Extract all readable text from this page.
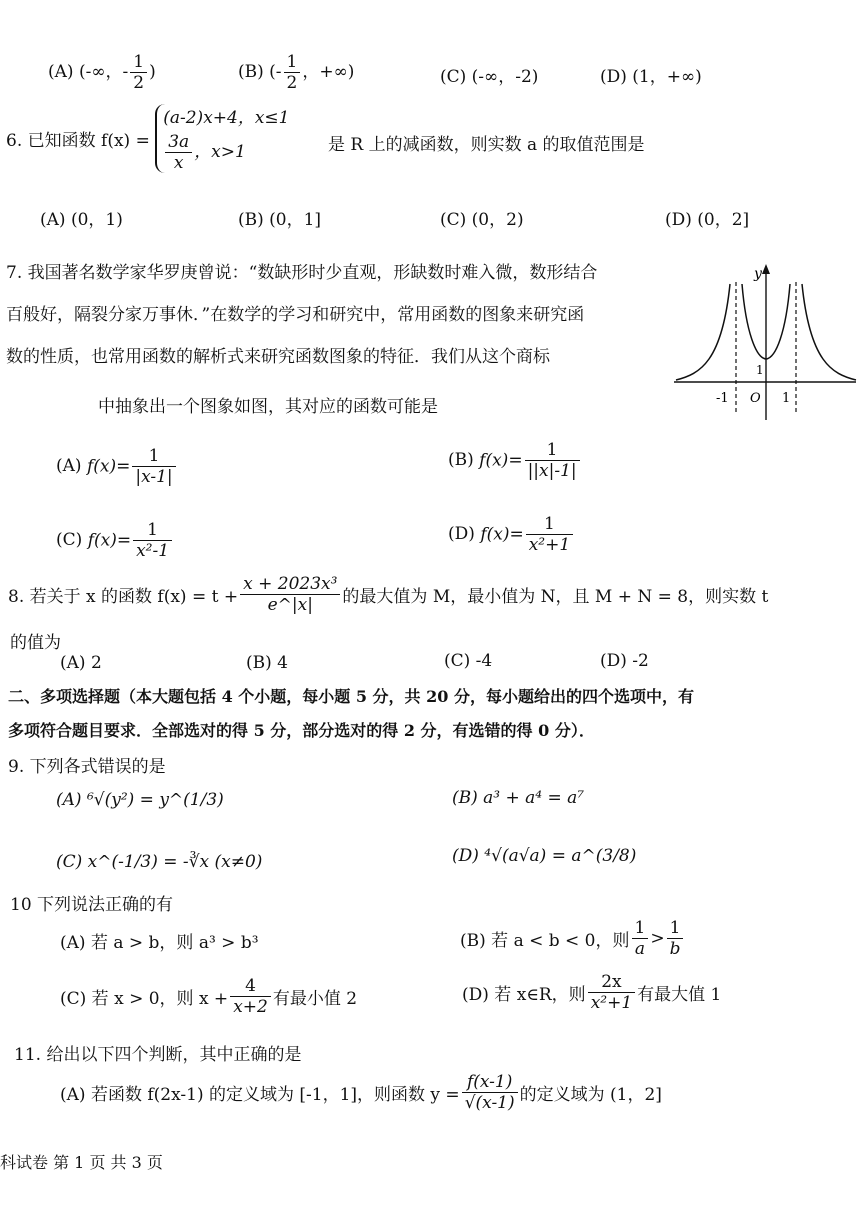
(A) (-∞，- $\frac{1}{2}$ )	(B) (- $\frac{1}{2}$ ，+∞)	(C) (-∞，-2)	(D) (1，+∞)
6. 已知函数 f(x) =
(a-2)x+4，x≤1
$\frac{3a}{x}$ ，x>1	是 R 上的减函数，则实数 a 的取值范围是
(A) (0，1)	(B) (0，1]	(C) (0，2)	(D) (0，2]
7. 我国著名数学家华罗庚曾说：“数缺形时少直观，形缺数时难入微，数形结合
百般好，隔裂分家万事休．”在数学的学习和研究中，常用函数的图象来研究函
数的性质，也常用函数的解析式来研究函数图象的特征．我们从这个商标
中抽象出一个图象如图，其对应的函数可能是
y
1
-1 O 1
(A) $f(x)= \frac{1}{|x-1|}$	(B) $f(x)= \frac{1}{||x|-1|}$
(C) $f(x)= \frac{1}{\text{x²-1}}$	(D) $f(x)= \frac{1}{\text{x²+1}}$
8. 若关于 x 的函数 $f(x) = t + \frac{\text{x + 2023x³}}{e\^{}|x|}$ 的最大值为 M，最小值为 N，且 M + N = 8，则实数 t
的值为
(A) 2	(B) 4	(C) -4	(D) -2
二、多项选择题（本大题包括 4 个小题，每小题 5 分，共 20 分，每小题给出的四个选项中，有
多项符合题目要求．全部选对的得 5 分，部分选对的得 2 分，有选错的得 0 分）．
9. 下列各式错误的是
(A) ⁶√(y²) = y^(1/3)	(B) a³ + a⁴ = a⁷
(C) x^(-1/3) = -∛x (x≠0)	(D) ⁴√(a√a) = a^(3/8)
10 下列说法正确的有
(A) 若 a > b，则 a³ > b³	(B) 若 a < b < 0，则 $\frac{1}{a} > \frac{1}{b}$
(C) 若 x > 0，则 $x + \frac{4}{x+2}$ 有最小值 2	(D) 若 x∈R，则 $\frac{2x}{\text{x²+1}}$ 有最大值 1
11. 给出以下四个判断，其中正确的是
(A) 若函数 f(2x-1) 的定义域为 [-1，1]，则函数 $y = \frac{f(x-1)}{√(x-1)}$ 的定义域为 (1，2]
科试卷 第 1 页 共 3 页
